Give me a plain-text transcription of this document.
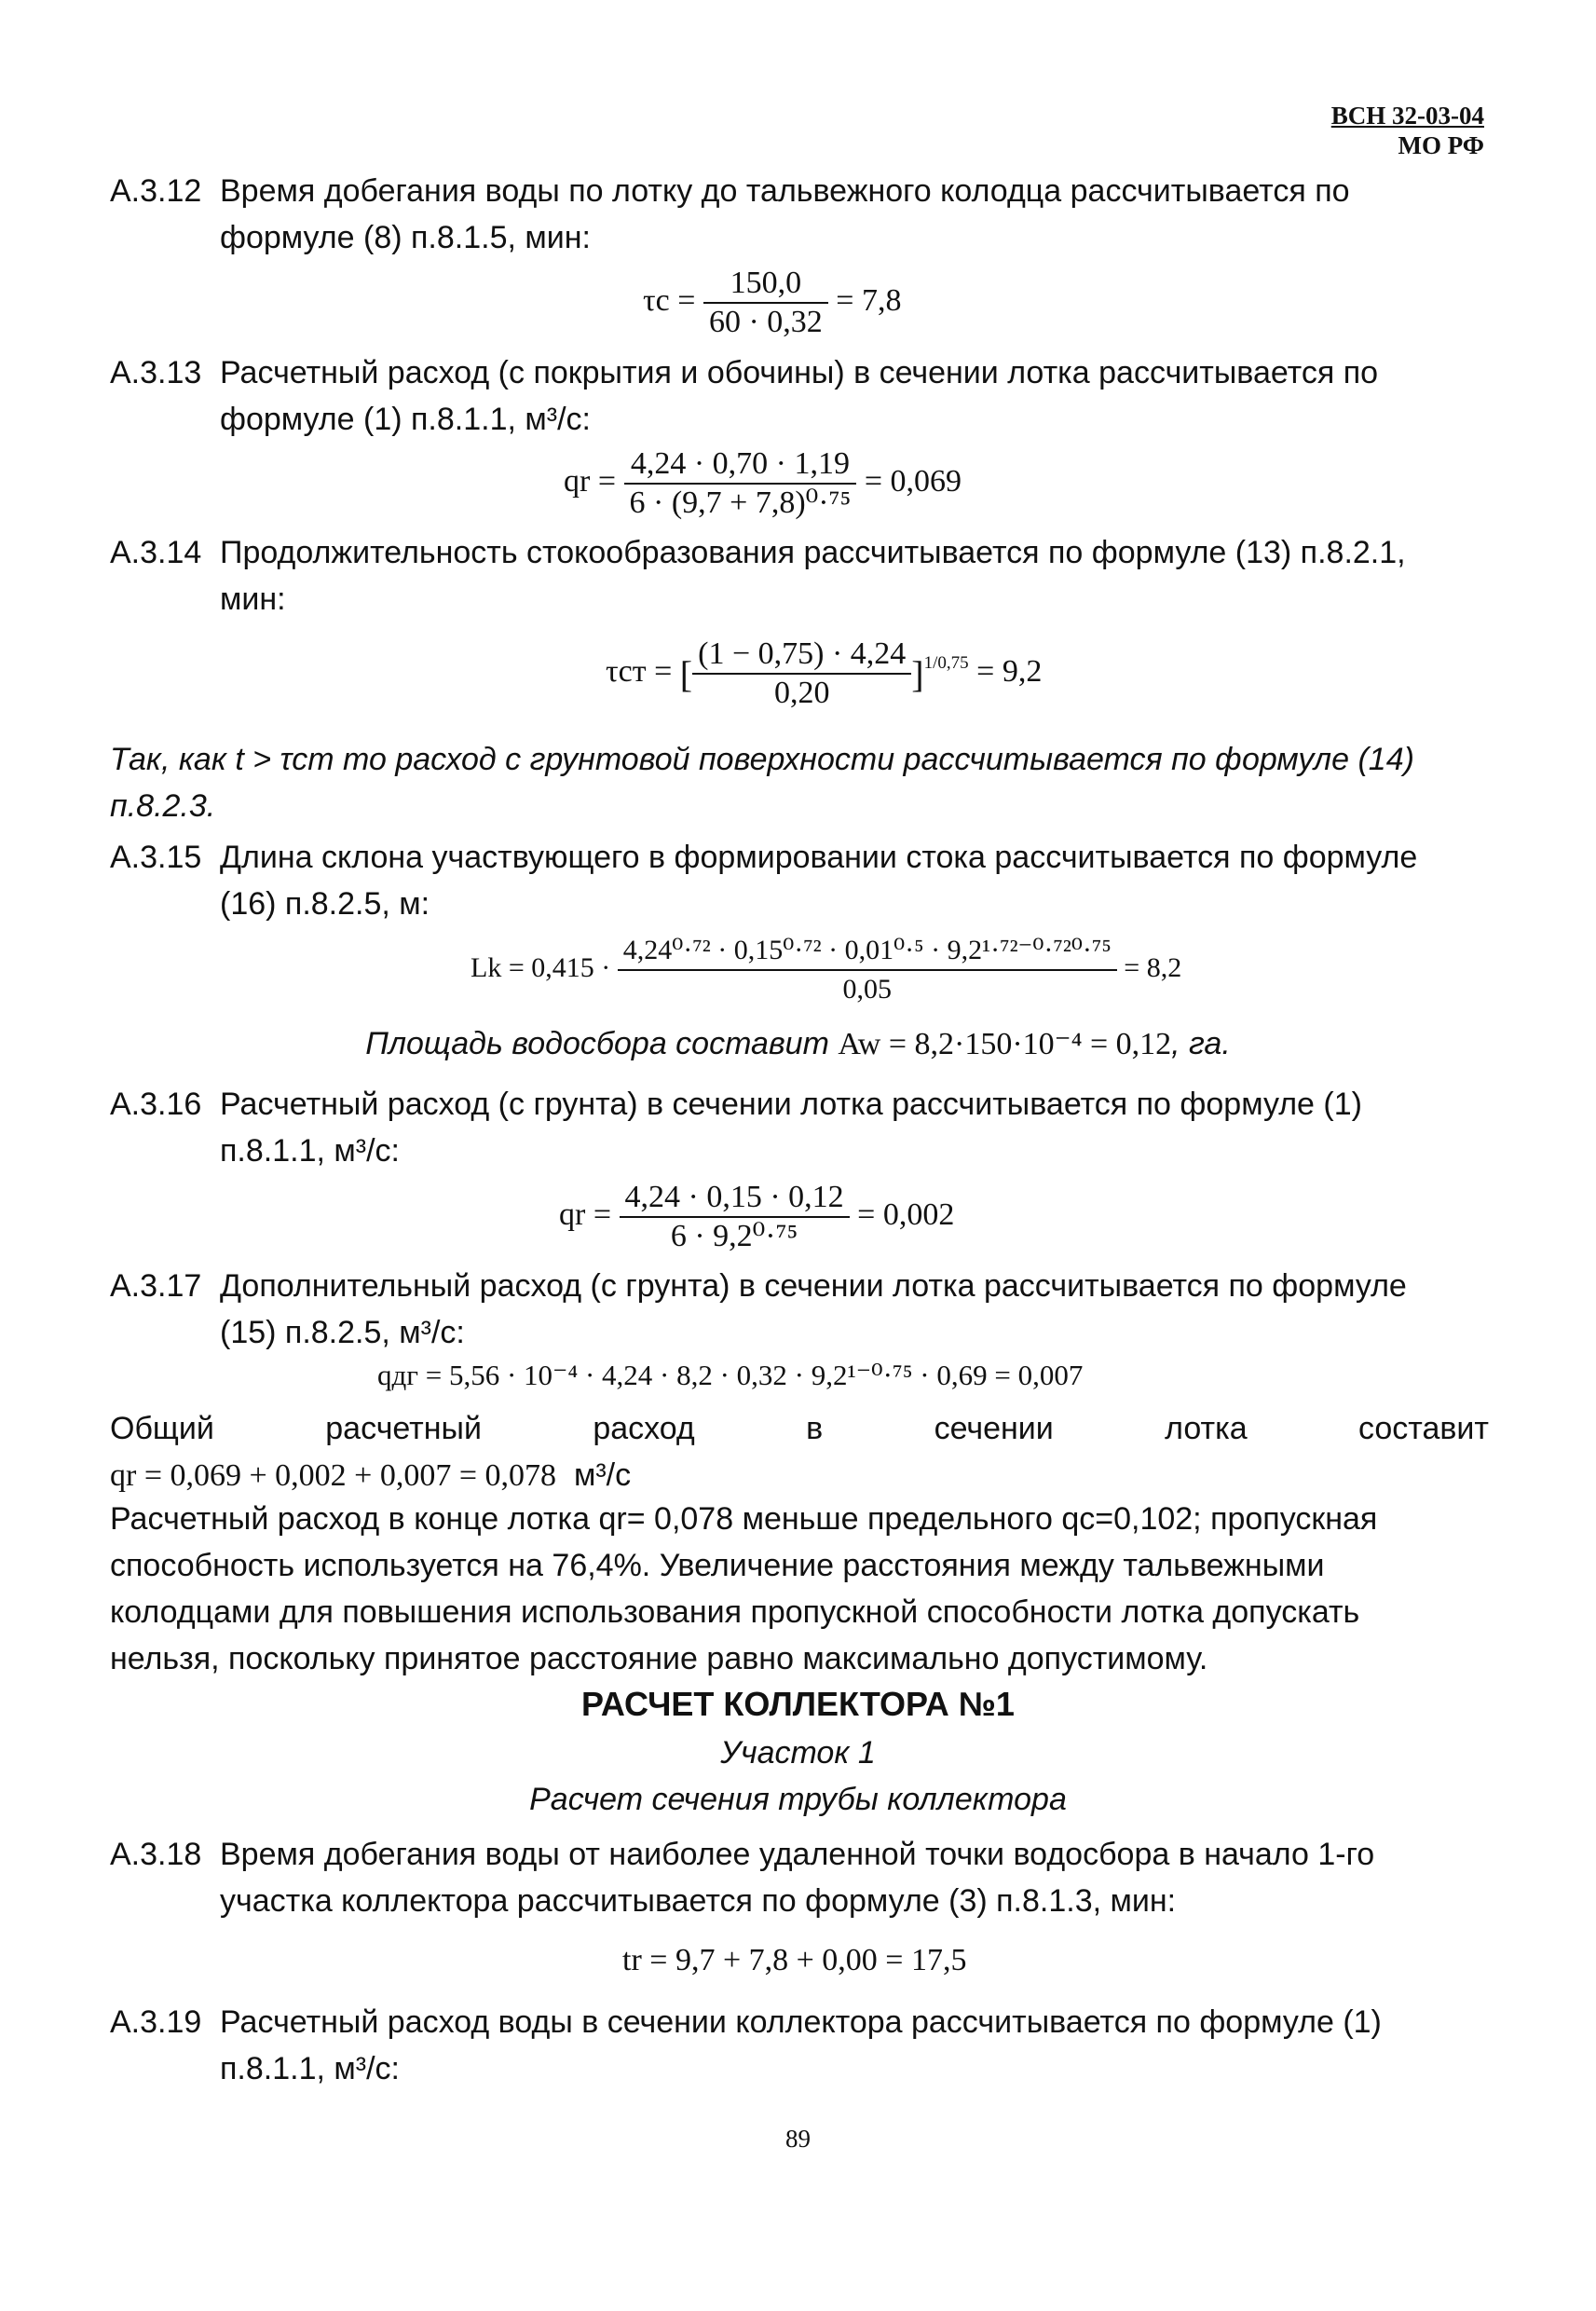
ВСН 32-03-04
МО РФ
А.3.12 Время добегания воды по лотку до тальвежного колодца рассчитывается по
формуле (8) п.8.1.5, мин:
$\tau c = \frac{150,0}{60 \cdot 0,32} = 7,8$
А.3.13 Расчетный расход (с покрытия и обочины) в сечении лотка рассчитывается по
формуле (1) п.8.1.1, м³/с:
qr = $\frac{4,24 \cdot 0,70 \cdot 1,19}{\text{6 · (9,7 + 7,8)⁰·⁷⁵}} = 0,069$
А.3.14 Продолжительность стокообразования рассчитывается по формуле (13) п.8.2.1,
мин:
τст = [ $\frac{(1 - 0,75) \cdot 4,24}{0,20} ]^{1/0,75} = 9,2$
Так, как t > τст то расход с грунтовой поверхности рассчитывается по формуле (14)
п.8.2.3.
А.3.15 Длина склона участвующего в формировании стока рассчитывается по формуле
(16) п.8.2.5, м:
$Lk = 0,415 \cdot \frac{\text{4,24⁰·⁷² · 0,15⁰·⁷² · 0,01⁰·⁵ · 9,2¹·⁷²⁻⁰·⁷²⁰·⁷⁵}}{0,05} = 8,2$
Площадь водосбора составит Aw = 8,2·150·10⁻⁴ = 0,12, га.
А.3.16 Расчетный расход (с грунта) в сечении лотка рассчитывается по формуле (1)
п.8.1.1, м³/с:
qr = $\frac{4,24 \cdot 0,15 \cdot 0,12}{\text{6 · 9,2⁰·⁷⁵}} = 0,002$
А.3.17 Дополнительный расход (с грунта) в сечении лотка рассчитывается по формуле
(15) п.8.2.5, м³/с:
qдг = 5,56 · 10⁻⁴ · 4,24 · 8,2 · 0,32 · 9,2¹⁻⁰·⁷⁵ · 0,69 = 0,007
Общий расчетный расход в сечении лотка составит
qr = 0,069 + 0,002 + 0,007 = 0,078 м³/с
Расчетный расход в конце лотка qr= 0,078 меньше предельного qc=0,102; пропускная
способность используется на 76,4%. Увеличение расстояния между тальвежными
колодцами для повышения использования пропускной способности лотка допускать
нельзя, поскольку принятое расстояние равно максимально допустимому.
РАСЧЕТ КОЛЛЕКТОРА №1
Участок 1
Расчет сечения трубы коллектора
А.3.18 Время добегания воды от наиболее удаленной точки водосбора в начало 1-го
участка коллектора рассчитывается по формуле (3) п.8.1.3, мин:
tr = 9,7 + 7,8 + 0,00 = 17,5
А.3.19 Расчетный расход воды в сечении коллектора рассчитывается по формуле (1)
п.8.1.1, м³/с:
89
